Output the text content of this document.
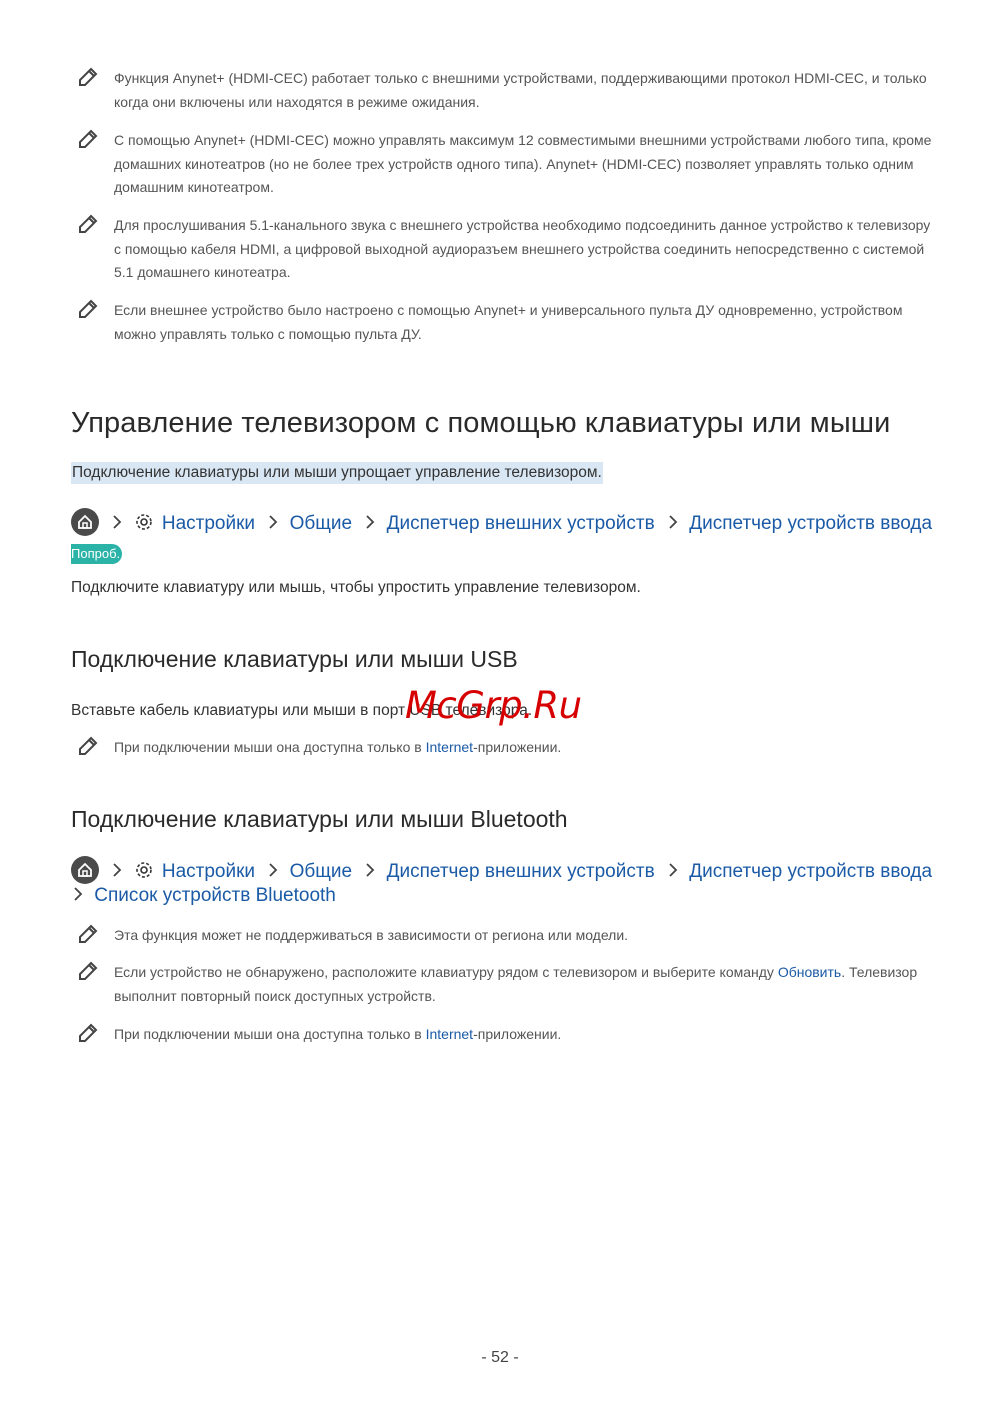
Функция Anynet+ (HDMI-CEC) работает только с внешними устройствами, поддерживающими протокол HDMI-CEC, и только когда они включены или находятся в режиме ожидания.
С помощью Anynet+ (HDMI-CEC) можно управлять максимум 12 совместимыми внешними устройствами любого типа, кроме домашних кинотеатров (но не более трех устройств одного типа). Anynet+ (HDMI-CEC) позволяет управлять только одним домашним кинотеатром.
Для прослушивания 5.1-канального звука с внешнего устройства необходимо подсоединить данное устройство к телевизору с помощью кабеля HDMI, а цифровой выходной аудиоразъем внешнего устройства соединить непосредственно с системой 5.1 домашнего кинотеатра.
Если внешнее устройство было настроено с помощью Anynet+ и универсального пульта ДУ одновременно, устройством можно управлять только с помощью пульта ДУ.
Управление телевизором с помощью клавиатуры или мыши
Подключение клавиатуры или мыши упрощает управление телевизором.
Настройки Общие Диспетчер внешних устройств Диспетчер устройств ввода
Попроб.
Подключите клавиатуру или мышь, чтобы упростить управление телевизором.
Подключение клавиатуры или мыши USB
Вставьте кабель клавиатуры или мыши в порт USB телевизора.
При подключении мыши она доступна только в Internet-приложении.
McGrp.Ru
Подключение клавиатуры или мыши Bluetooth
Настройки Общие Диспетчер внешних устройств Диспетчер устройств ввода
Список устройств Bluetooth
Эта функция может не поддерживаться в зависимости от региона или модели.
Если устройство не обнаружено, расположите клавиатуру рядом с телевизором и выберите команду Обновить. Телевизор выполнит повторный поиск доступных устройств.
При подключении мыши она доступна только в Internet-приложении.
- 52 -
